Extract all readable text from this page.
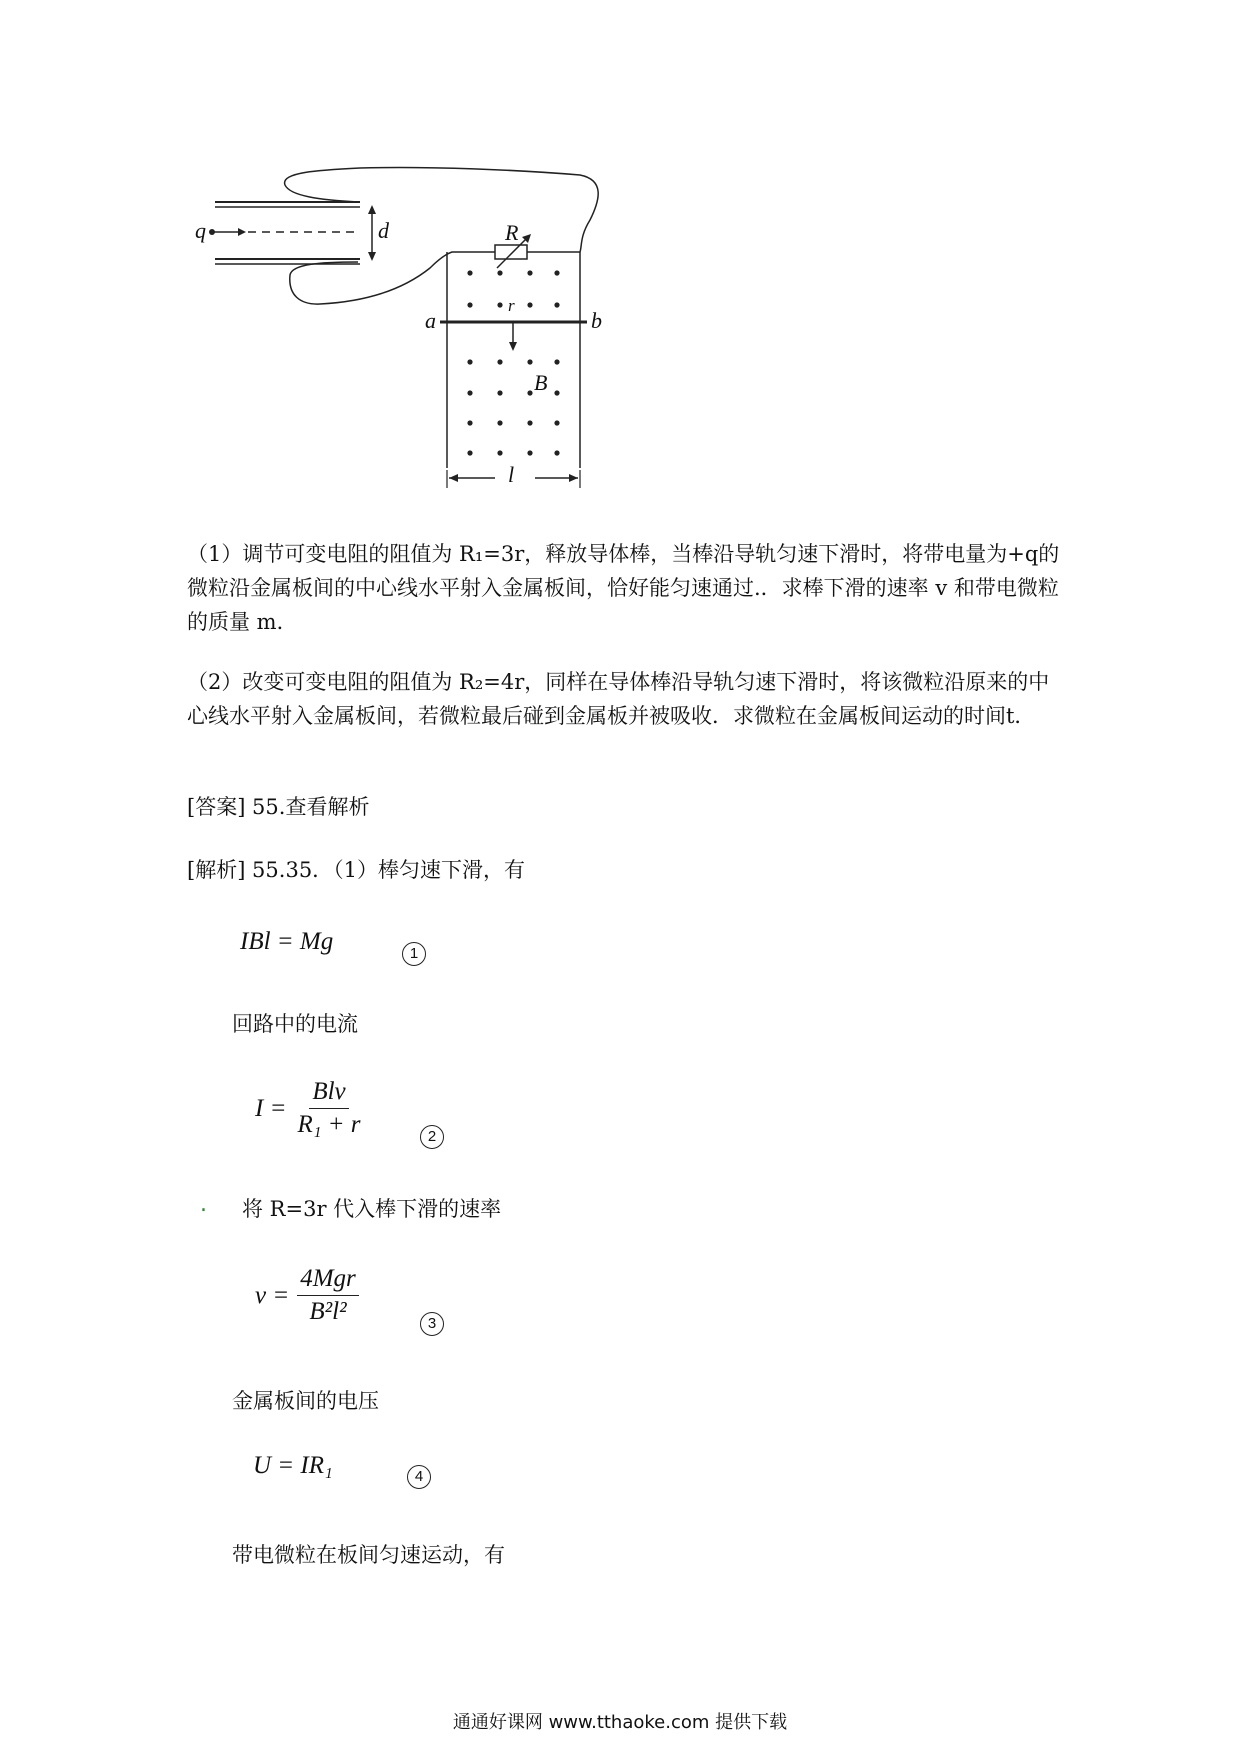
q	d	R
r
a	b
B
l
（1）调节可变电阻的阻值为 R₁=3r，释放导体棒，当棒沿导轨匀速下滑时，将带电量为+q的微粒沿金属板间的中心线水平射入金属板间，恰好能匀速通过.．求棒下滑的速率 v 和带电微粒的质量 m．
（2）改变可变电阻的阻值为 R₂=4r，同样在导体棒沿导轨匀速下滑时，将该微粒沿原来的中心线水平射入金属板间，若微粒最后碰到金属板并被吸收．求微粒在金属板间运动的时间t．
[答案] 55.查看解析
[解析] 55.35．（1）棒匀速下滑，有
IBl = Mg	1
回路中的电流
$I = \frac{\text{Blv}}{\text{R₁ + r}}$	2
. 将 R=3r 代入棒下滑的速率
$v = \frac{\text{4Mgr}}{\text{B²l²}}$	3
金属板间的电压
U = IR₁	4
带电微粒在板间匀速运动，有
通通好课网 www.tthaoke.com 提供下载
